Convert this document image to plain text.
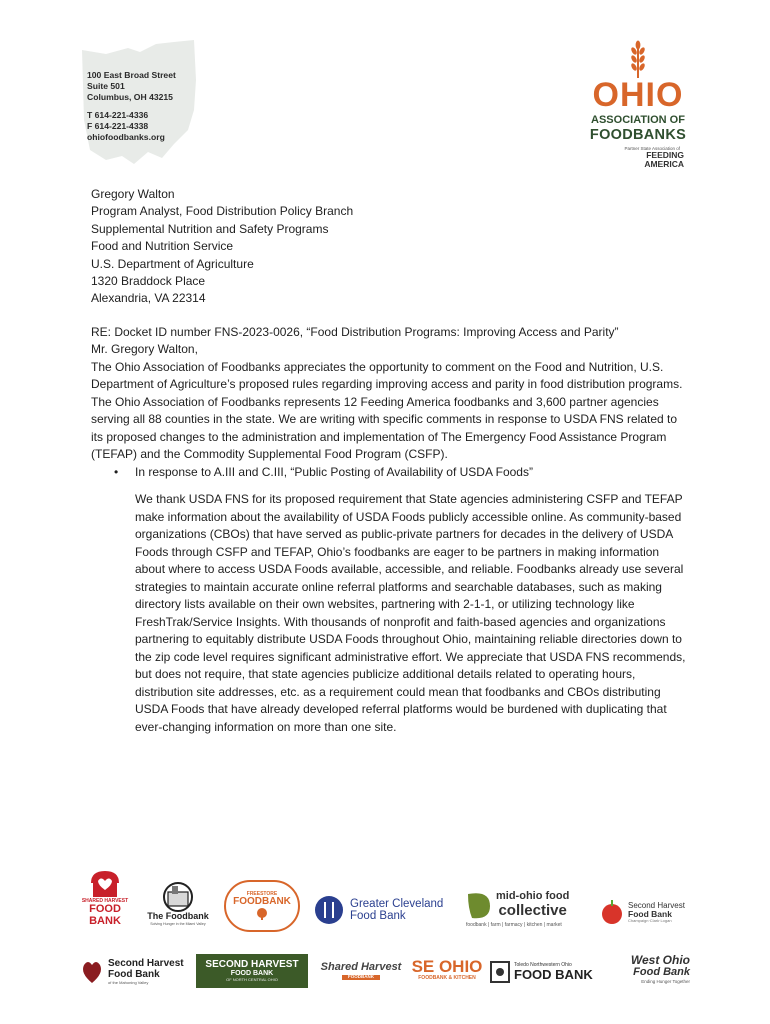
100 East Broad Street
Suite 501
Columbus, OH 43215
T 614-221-4336
F 614-221-4338
ohiofoodbanks.org
OHIO
ASSOCIATION OF
FOODBANKS
Partner State Association of
FEEDING
AMERICA
Gregory Walton
Program Analyst, Food Distribution Policy Branch
Supplemental Nutrition and Safety Programs
Food and Nutrition Service
U.S. Department of Agriculture
1320 Braddock Place
Alexandria, VA 22314

RE: Docket ID number FNS-2023-0026, “Food Distribution Programs: Improving Access and Parity”

Mr. Gregory Walton,

The Ohio Association of Foodbanks appreciates the opportunity to comment on the Food and Nutrition, U.S. Department of Agriculture’s proposed rules regarding improving access and parity in food distribution programs.

The Ohio Association of Foodbanks represents 12 Feeding America foodbanks and 3,600 partner agencies serving all 88 counties in the state. We are writing with specific comments in response to USDA FNS related to its proposed changes to the administration and implementation of The Emergency Food Assistance Program (TEFAP) and the Commodity Supplemental Food Program (CSFP).

• In response to A.III and C.III, “Public Posting of Availability of USDA Foods”

We thank USDA FNS for its proposed requirement that State agencies administering CSFP and TEFAP make information about the availability of USDA Foods publicly accessible online. As community-based organizations (CBOs) that have served as public-private partners for decades in the delivery of USDA Foods through CSFP and TEFAP, Ohio’s foodbanks are eager to be partners in making information about where to access USDA Foods available, accessible, and reliable. Foodbanks already use several strategies to maintain accurate online referral platforms and searchable databases, such as making directory lists available on their own websites, partnering with 2-1-1, or utilizing technology like FreshTrak/Service Insights. With thousands of nonprofit and faith-based agencies and organizations partnering to equitably distribute USDA Foods throughout Ohio, maintaining reliable directories down to the zip code level requires significant administrative effort. We appreciate that USDA FNS recommends, but does not require, that state agencies publicize additional details related to operating hours, distribution site addresses, etc. as a requirement could mean that foodbanks and CBOs distributing USDA Foods that have already developed referral platforms would be burdened with duplicating that ever-changing information on more than one site.

SHARED HARVEST
FOOD BANK	The Foodbank
Solving Hunger in the Miami Valley
FREESTORE
FOODBANK	Greater Cleveland
Food Bank
mid-ohio food
collective
foodbank | farm | farmacy | kitchen | market
Second Harvest
Food Bank
Champaign·Clark·Logan
Second Harvest
Food Bank
of the Mahoning Valley
SECOND HARVEST
FOOD BANK
OF NORTH CENTRAL OHIO
Shared Harvest
FOODBANK
SE OHIO
FOODBANK & KITCHEN
Toledo Northwestern Ohio
FOOD BANK
West Ohio
Food Bank
Ending Hunger Together
